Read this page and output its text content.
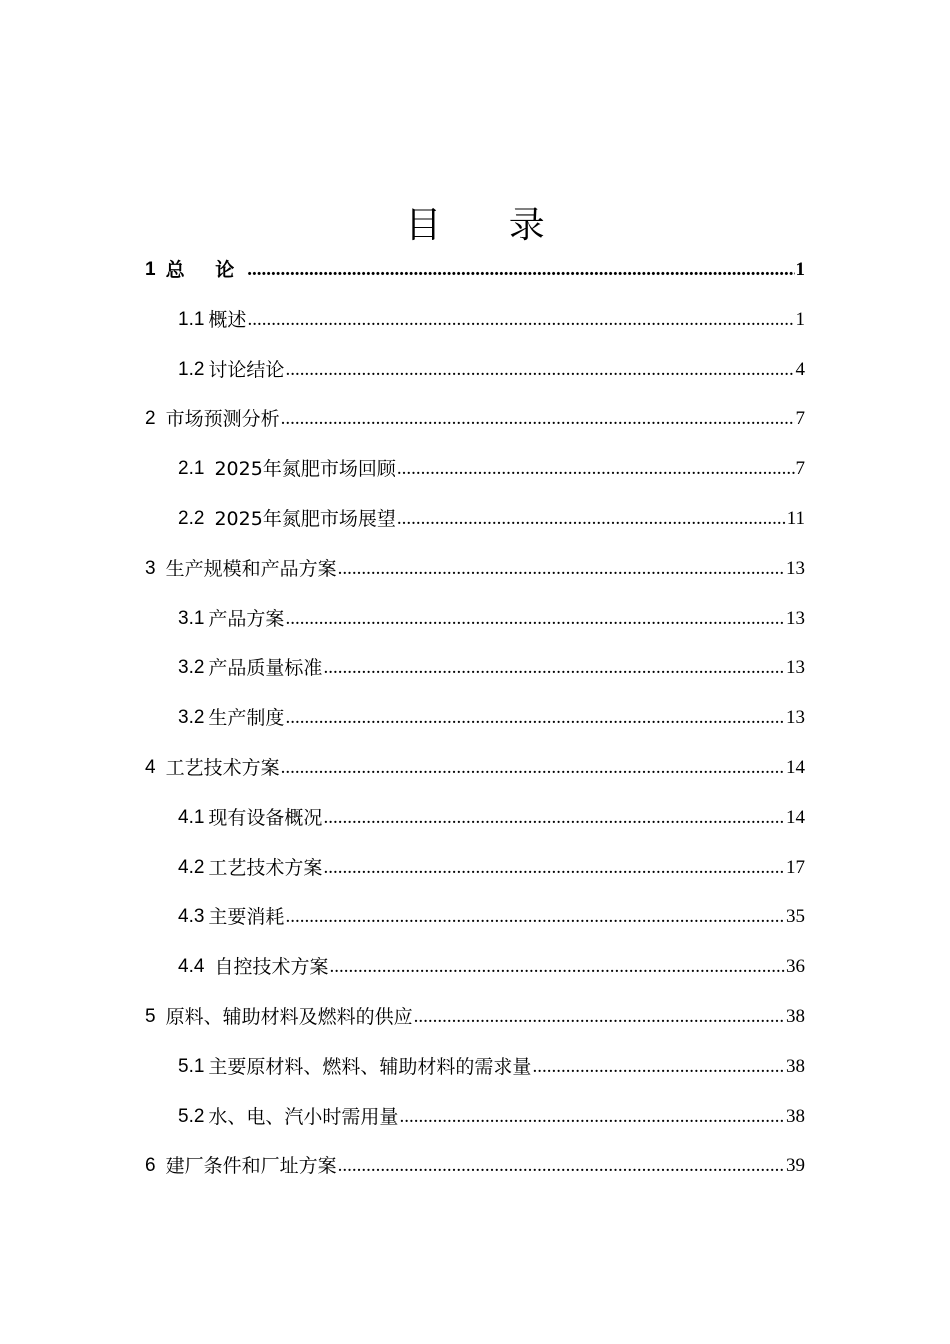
目 录
1 总 论 .....	1
1.1 概述 .....	1
1.2 讨论结论 .....	4
2 市场预测分析 .....	7
2.1 2025年氮肥市场回顾 .....	7
2.2 2025年氮肥市场展望 .....	11
3 生产规模和产品方案 .....	13
3.1 产品方案 .....	13
3.2 产品质量标准 .....	13
3.2 生产制度 .....	13
4 工艺技术方案 .....	14
4.1 现有设备概况 .....	14
4.2 工艺技术方案 .....	17
4.3 主要消耗 .....	35
4.4 自控技术方案 .....	36
5 原料、辅助材料及燃料的供应 .....	38
5.1 主要原材料、燃料、辅助材料的需求量 .....	38
5.2 水、电、汽小时需用量 .....	38
6 建厂条件和厂址方案 .....	39
